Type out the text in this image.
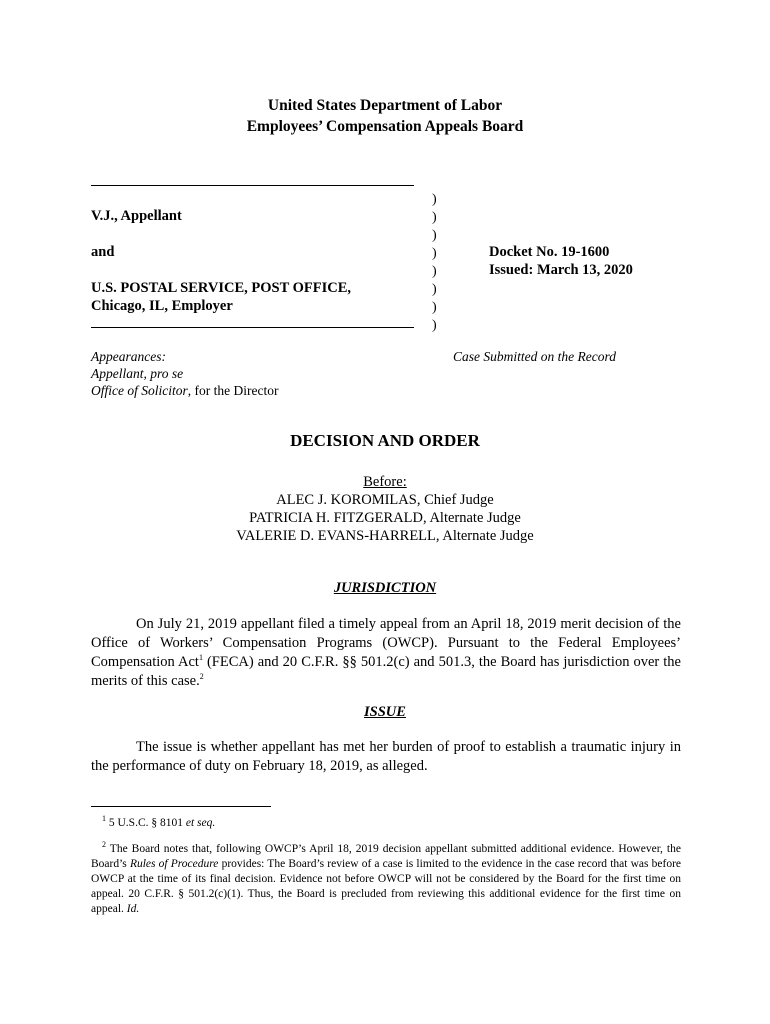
United States Department of Labor
Employees’ Compensation Appeals Board
V.J., Appellant
and
U.S. POSTAL SERVICE, POST OFFICE,
Chicago, IL, Employer
)
)
)
)
)
)
)
)
Docket No. 19-1600
Issued: March 13, 2020
Appearances:
Appellant, pro se
Office of Solicitor, for the Director
Case Submitted on the Record
DECISION AND ORDER
Before:
ALEC J. KOROMILAS, Chief Judge
PATRICIA H. FITZGERALD, Alternate Judge
VALERIE D. EVANS-HARRELL, Alternate Judge
JURISDICTION
On July 21, 2019 appellant filed a timely appeal from an April 18, 2019 merit decision of the Office of Workers’ Compensation Programs (OWCP). Pursuant to the Federal Employees’ Compensation Act$^1$ (FECA) and 20 C.F.R. §§ 501.2(c) and 501.3, the Board has jurisdiction over the merits of this case.$^2$
ISSUE
The issue is whether appellant has met her burden of proof to establish a traumatic injury in the performance of duty on February 18, 2019, as alleged.
$^1$ 5 U.S.C. § 8101 et seq.
$^2$ The Board notes that, following OWCP’s April 18, 2019 decision appellant submitted additional evidence. However, the Board’s Rules of Procedure provides: The Board’s review of a case is limited to the evidence in the case record that was before OWCP at the time of its final decision. Evidence not before OWCP will not be considered by the Board for the first time on appeal. 20 C.F.R. § 501.2(c)(1). Thus, the Board is precluded from reviewing this additional evidence for the first time on appeal. Id.
